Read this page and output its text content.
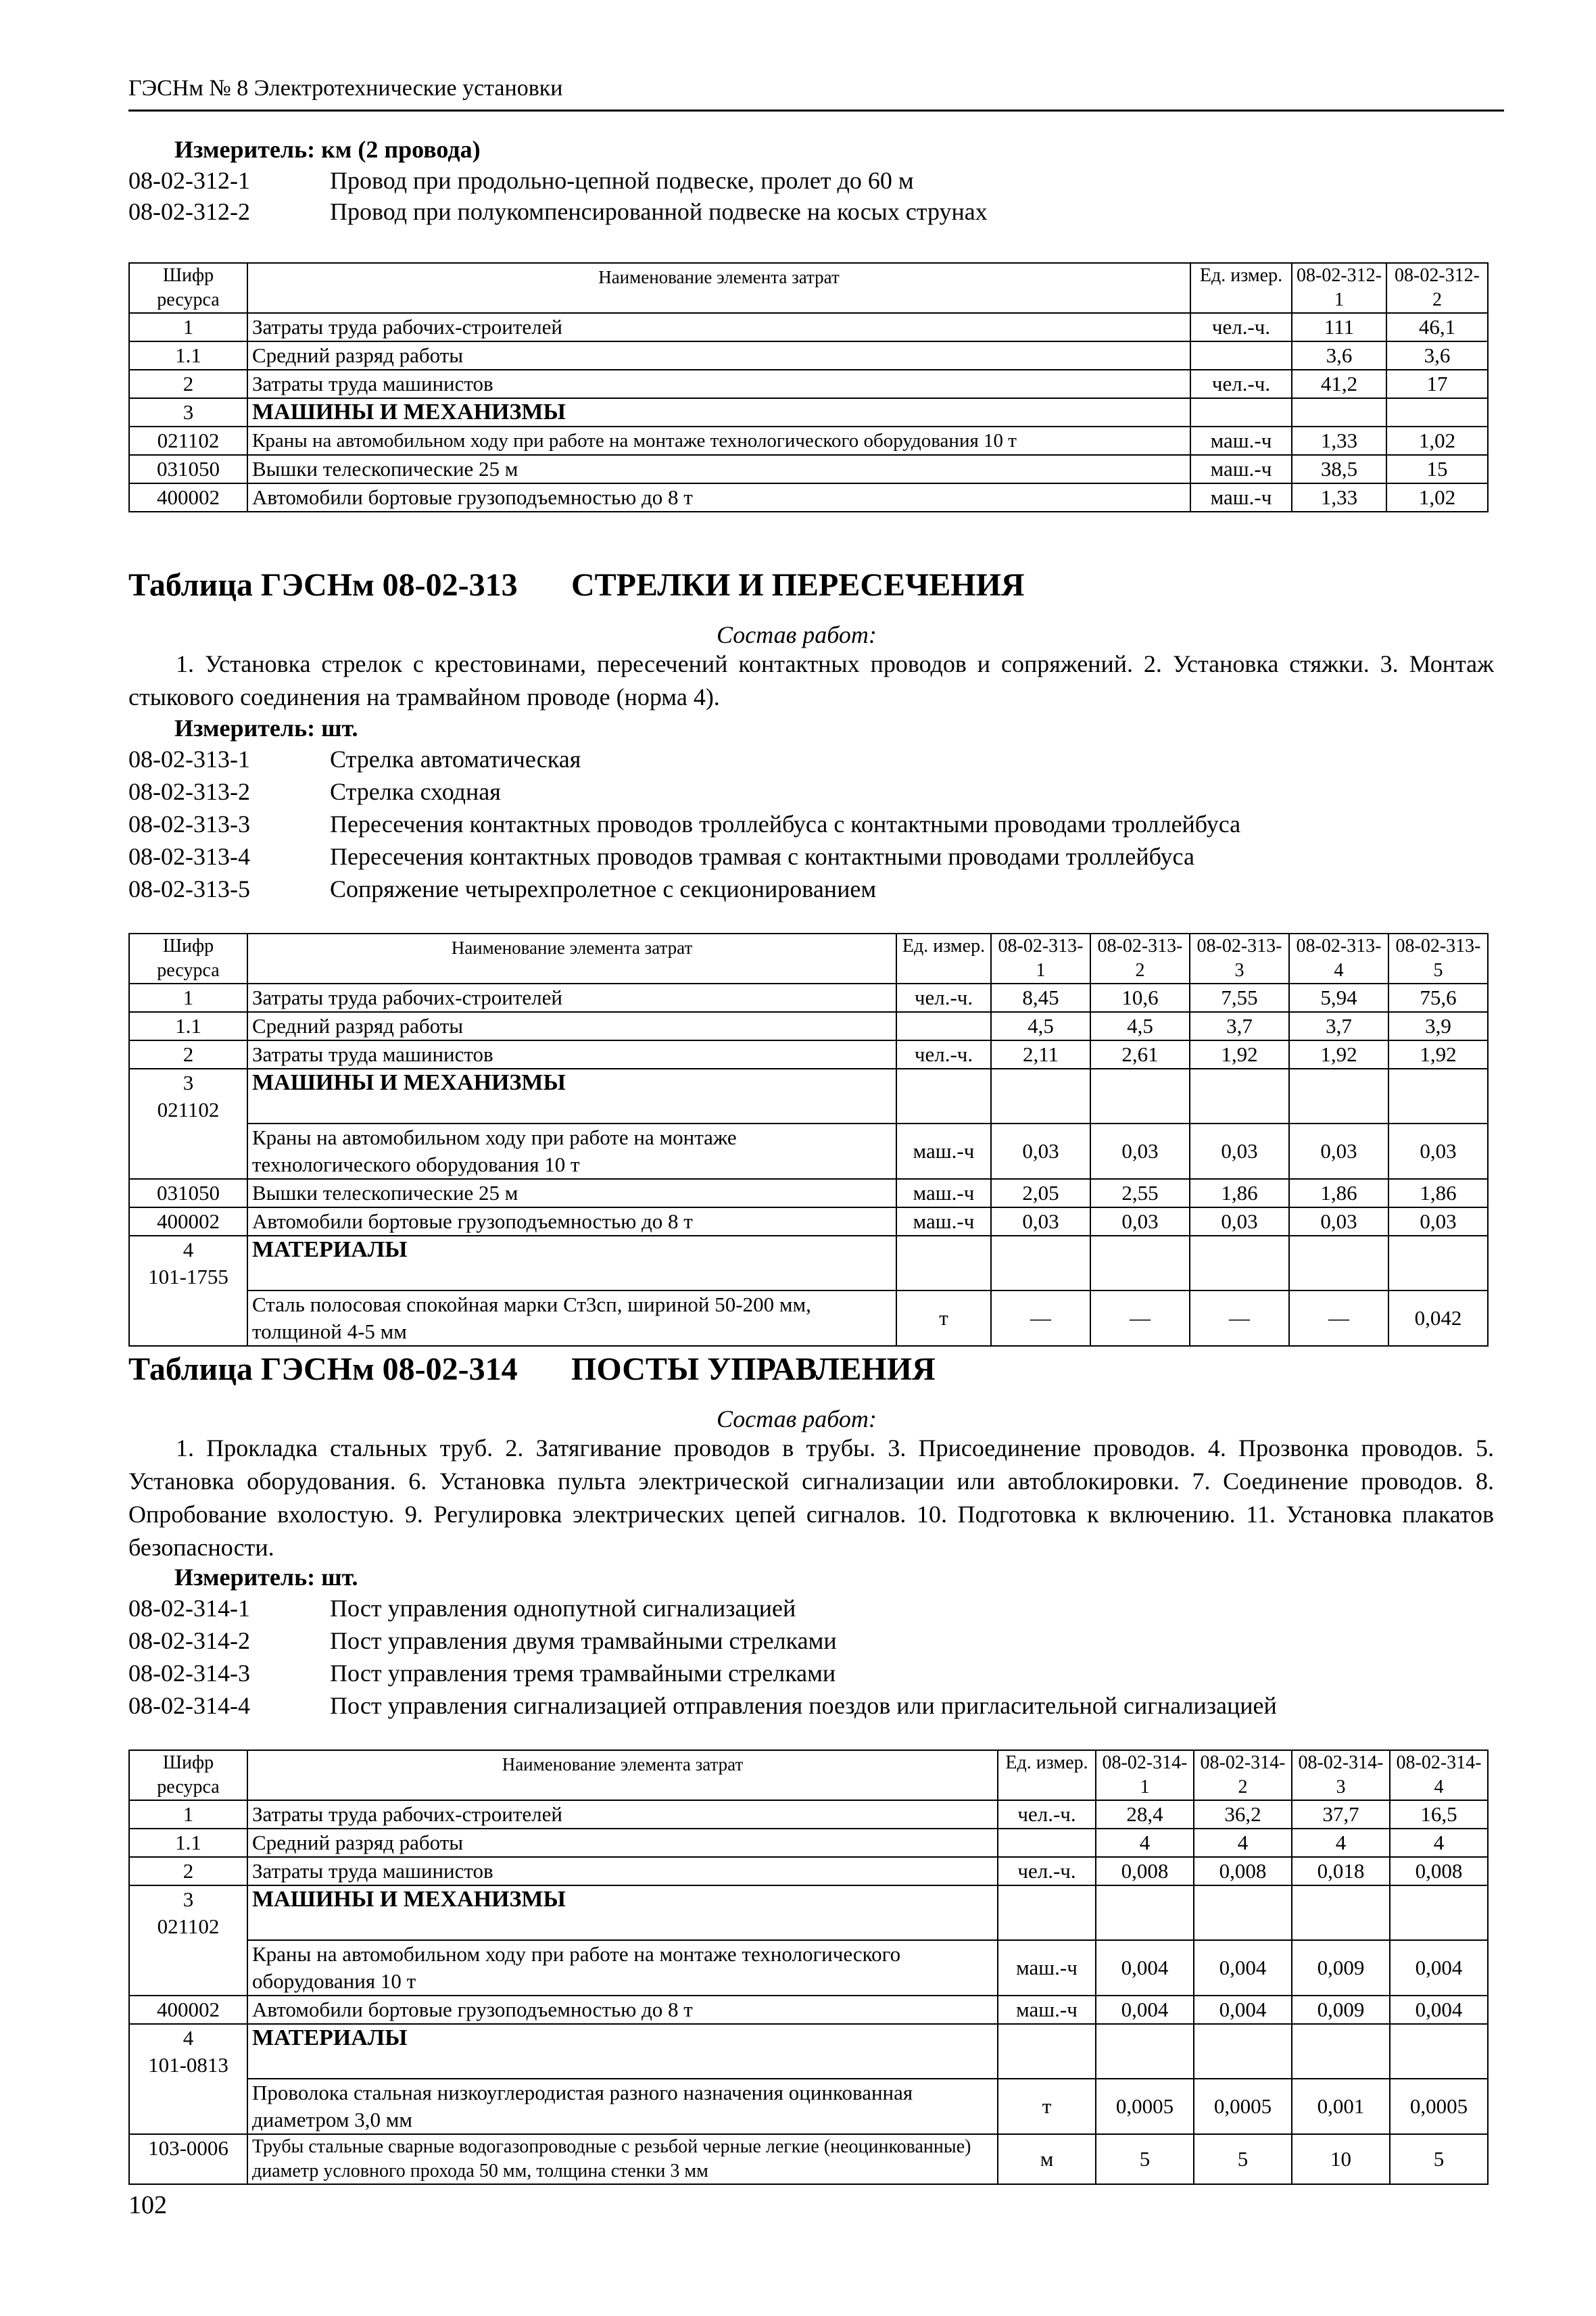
ГЭСНм № 8 Электротехнические установки
Измеритель: км (2 провода)
08-02-312-1	Провод при продольно-цепной подвеске, пролет до 60 м
08-02-312-2	Провод при полукомпенсированной подвеске на косых струнах
Шифр ресурса	Наименование элемента затрат	Ед. измер.	08-02-312-1	08-02-312-2
1	Затраты труда рабочих-строителей	чел.-ч.	111	46,1
1.1	Средний разряд работы		3,6	3,6
2	Затраты труда машинистов	чел.-ч.	41,2	17
3	МАШИНЫ И МЕХАНИЗМЫ			
021102	Краны на автомобильном ходу при работе на монтаже технологического оборудования 10 т	маш.-ч	1,33	1,02
031050	Вышки телескопические 25 м	маш.-ч	38,5	15
400002	Автомобили бортовые грузоподъемностью до 8 т	маш.-ч	1,33	1,02
Таблица ГЭСНм 08-02-313 СТРЕЛКИ И ПЕРЕСЕЧЕНИЯ
Состав работ:
1. Установка стрелок с крестовинами, пересечений контактных проводов и сопряжений. 2. Установка стяжки. 3. Монтаж стыкового соединения на трамвайном проводе (норма 4).
Измеритель: шт.
08-02-313-1	Стрелка автоматическая
08-02-313-2	Стрелка сходная
08-02-313-3	Пересечения контактных проводов троллейбуса с контактными проводами троллейбуса
08-02-313-4	Пересечения контактных проводов трамвая с контактными проводами троллейбуса
08-02-313-5	Сопряжение четырехпролетное с секционированием
Шифр ресурса	Наименование элемента затрат	Ед. измер.	08-02-313-1	08-02-313-2	08-02-313-3	08-02-313-4	08-02-313-5
1	Затраты труда рабочих-строителей	чел.-ч.	8,45	10,6	7,55	5,94	75,6
1.1	Средний разряд работы		4,5	4,5	3,7	3,7	3,9
2	Затраты труда машинистов	чел.-ч.	2,11	2,61	1,92	1,92	1,92

3
021102	МАШИНЫ И МЕХАНИЗМЫ						
	Краны на автомобильном ходу при работе на монтаже технологического оборудования 10 т	маш.-ч	0,03	0,03	0,03	0,03	0,03
031050	Вышки телескопические 25 м	маш.-ч	2,05	2,55	1,86	1,86	1,86
400002	Автомобили бортовые грузоподъемностью до 8 т	маш.-ч	0,03	0,03	0,03	0,03	0,03

4
101-1755	МАТЕРИАЛЫ						
	Сталь полосовая спокойная марки Ст3сп, шириной 50-200 мм, толщиной 4-5 мм	т	—	—	—	—	0,042
Таблица ГЭСНм 08-02-314 ПОСТЫ УПРАВЛЕНИЯ
Состав работ:
1. Прокладка стальных труб. 2. Затягивание проводов в трубы. 3. Присоединение проводов. 4. Прозвонка проводов. 5. Установка оборудования. 6. Установка пульта электрической сигнализации или автоблокировки. 7. Соединение проводов. 8. Опробование вхолостую. 9. Регулировка электрических цепей сигналов. 10. Подготовка к включению. 11. Установка плакатов безопасности.
Измеритель: шт.
08-02-314-1	Пост управления однопутной сигнализацией
08-02-314-2	Пост управления двумя трамвайными стрелками
08-02-314-3	Пост управления тремя трамвайными стрелками
08-02-314-4	Пост управления сигнализацией отправления поездов или пригласительной сигнализацией
Шифр ресурса	Наименование элемента затрат	Ед. измер.	08-02-314-1	08-02-314-2	08-02-314-3	08-02-314-4
1	Затраты труда рабочих-строителей	чел.-ч.	28,4	36,2	37,7	16,5
1.1	Средний разряд работы		4	4	4	4
2	Затраты труда машинистов	чел.-ч.	0,008	0,008	0,018	0,008

3
021102	МАШИНЫ И МЕХАНИЗМЫ					
	Краны на автомобильном ходу при работе на монтаже технологического оборудования 10 т	маш.-ч	0,004	0,004	0,009	0,004
400002	Автомобили бортовые грузоподъемностью до 8 т	маш.-ч	0,004	0,004	0,009	0,004

4
101-0813	МАТЕРИАЛЫ					
	Проволока стальная низкоуглеродистая разного назначения оцинкованная диаметром 3,0 мм	т	0,0005	0,0005	0,001	0,0005
103-0006	Трубы стальные сварные водогазопроводные с резьбой черные легкие (неоцинкованные) диаметр условного прохода 50 мм, толщина стенки 3 мм	м	5	5	10	5
102
